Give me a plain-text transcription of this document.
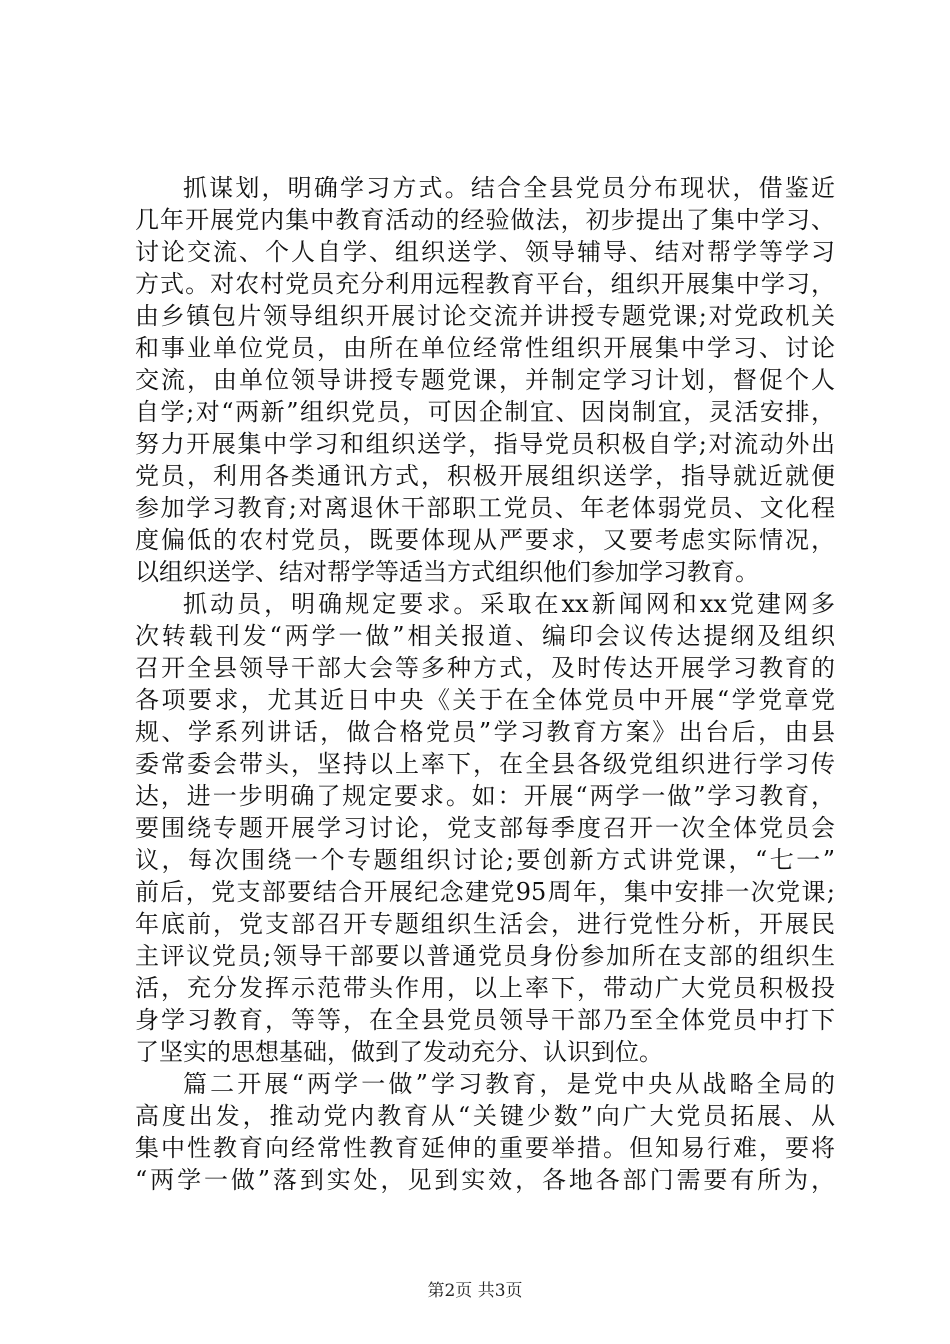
抓谋划，明确学习方式。结合全县党员分布现状，借鉴近
几年开展党内集中教育活动的经验做法，初步提出了集中学习、
讨论交流、个人自学、组织送学、领导辅导、结对帮学等学习
方式。对农村党员充分利用远程教育平台，组织开展集中学习，
由乡镇包片领导组织开展讨论交流并讲授专题党课;对党政机关
和事业单位党员，由所在单位经常性组织开展集中学习、讨论
交流，由单位领导讲授专题党课，并制定学习计划，督促个人
自学;对“两新”组织党员，可因企制宜、因岗制宜，灵活安排，
努力开展集中学习和组织送学，指导党员积极自学;对流动外出
党员，利用各类通讯方式，积极开展组织送学，指导就近就便
参加学习教育;对离退休干部职工党员、年老体弱党员、文化程
度偏低的农村党员，既要体现从严要求，又要考虑实际情况，
以组织送学、结对帮学等适当方式组织他们参加学习教育。
抓动员，明确规定要求。采取在xx新闻网和xx党建网多
次转载刊发“两学一做”相关报道、编印会议传达提纲及组织
召开全县领导干部大会等多种方式，及时传达开展学习教育的
各项要求，尤其近日中央《关于在全体党员中开展“学党章党
规、学系列讲话，做合格党员”学习教育方案》出台后，由县
委常委会带头，坚持以上率下，在全县各级党组织进行学习传
达，进一步明确了规定要求。如：开展“两学一做”学习教育，
要围绕专题开展学习讨论，党支部每季度召开一次全体党员会
议，每次围绕一个专题组织讨论;要创新方式讲党课，“七一”
前后，党支部要结合开展纪念建党95周年，集中安排一次党课;
年底前，党支部召开专题组织生活会，进行党性分析，开展民
主评议党员;领导干部要以普通党员身份参加所在支部的组织生
活，充分发挥示范带头作用，以上率下，带动广大党员积极投
身学习教育，等等，在全县党员领导干部乃至全体党员中打下
了坚实的思想基础，做到了发动充分、认识到位。
篇二开展“两学一做”学习教育，是党中央从战略全局的
高度出发，推动党内教育从“关键少数”向广大党员拓展、从
集中性教育向经常性教育延伸的重要举措。但知易行难，要将
“两学一做”落到实处，见到实效，各地各部门需要有所为，
第2页 共3页
